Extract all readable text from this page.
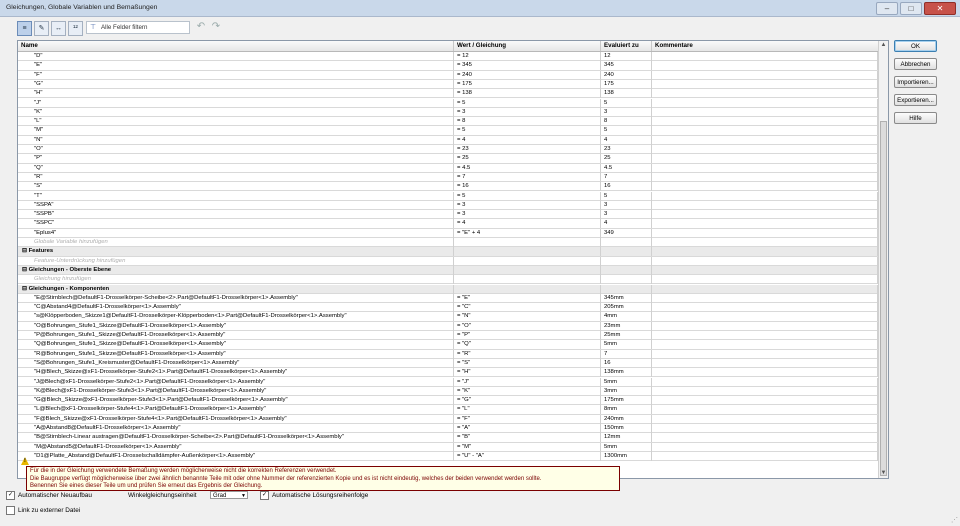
Gleichungen, Globale Variablen und Bemaßungen	–	□	✕
≡	✎	↔	¹²	⊤ Alle Felder filtern	↶ ↷
Name	Wert / Gleichung	Evaluiert zu	Kommentare
"D"	= 12	12
"E"	= 345	345
"F"	= 240	240
"G"	= 175	175
"H"	= 138	138
"J"	= 5	5
"K"	= 3	3
"L"	= 8	8
"M"	= 5	5
"N"	= 4	4
"O"	= 23	23
"P"	= 25	25
"Q"	= 4.5	4.5
"R"	= 7	7
"S"	= 16	16
"T"	= 5	5
"SSPA"	= 3	3
"SSPB"	= 3	3
"SSPC"	= 4	4
"Eplus4"	= "E" + 4	349
Globale Variable hinzufügen
⊟ Features
Feature-Unterdrückung hinzufügen
⊟ Gleichungen - Oberste Ebene
Gleichung hinzufügen
⊟ Gleichungen - Komponenten
"E@Stirnblech@DefaultF1-Drosselkörper-Scheibe<2>.Part@DefaultF1-Drosselkörper<1>.Assembly"	= "E"	345mm
"C@Abstand4@DefaultF1-Drosselkörper<1>.Assembly"	= "C"	205mm
"s@Klöpperboden_Skizze1@DefaultF1-Drosselkörper-Klöpperboden<1>.Part@DefaultF1-Drosselkörper<1>.Assembly"	= "N"	4mm
"O@Bohrungen_Stufe1_Skizze@DefaultF1-Drosselkörper<1>.Assembly"	= "O"	23mm
"P@Bohrungen_Stufe1_Skizze@DefaultF1-Drosselkörper<1>.Assembly"	= "P"	25mm
"Q@Bohrungen_Stufe1_Skizze@DefaultF1-Drosselkörper<1>.Assembly"	= "Q"	5mm
"R@Bohrungen_Stufe1_Skizze@DefaultF1-Drosselkörper<1>.Assembly"	= "R"	7
"S@Bohrungen_Stufe1_Kreismuster@DefaultF1-Drosselkörper<1>.Assembly"	= "S"	16
"H@Blech_Skizze@xF1-Drosselkörper-Stufe2<1>.Part@DefaultF1-Drosselkörper<1>.Assembly"	= "H"	138mm
"J@Blech@xF1-Drosselkörper-Stufe2<1>.Part@DefaultF1-Drosselkörper<1>.Assembly"	= "J"	5mm
"K@Blech@xF1-Drosselkörper-Stufe3<1>.Part@DefaultF1-Drosselkörper<1>.Assembly"	= "K"	3mm
"G@Blech_Skizze@xF1-Drosselkörper-Stufe3<1>.Part@DefaultF1-Drosselkörper<1>.Assembly"	= "G"	175mm
"L@Blech@xF1-Drosselkörper-Stufe4<1>.Part@DefaultF1-Drosselkörper<1>.Assembly"	= "L"	8mm
"F@Blech_Skizze@xF1-Drosselkörper-Stufe4<1>.Part@DefaultF1-Drosselkörper<1>.Assembly"	= "F"	240mm
"A@Abstand8@DefaultF1-Drosselkörper<1>.Assembly"	= "A"	150mm
"B@Stirnblech-Linear austragen@DefaultF1-Drosselkörper-Scheibe<2>.Part@DefaultF1-Drosselkörper<1>.Assembly"	= "B"	12mm
"M@Abstand5@DefaultF1-Drosselkörper<1>.Assembly"	= "M"	5mm
"D1@Platte_Abstand@DefaultF1-Drosselschalldämpfer-Außenkörper<1>.Assembly"	= "U" - "A"	1300mm
▲
▼
!
Für die in der Gleichung verwendete Bemaßung werden möglicherweise nicht die korrekten Referenzen verwendet.
Die Baugruppe verfügt möglicherweise über zwei ähnlich benannte Teile mit oder ohne Nummer der referenzierten Kopie und es ist nicht eindeutig, welches der beiden verwendet werden sollte.
Benennen Sie eines dieser Teile um und prüfen Sie erneut das Ergebnis der Gleichung.
OK
Abbrechen
Importieren...
Exportieren...
Hilfe
✓ Automatischer Neuaufbau	Winkelgleichungseinheit	Grad	▼	✓ Automatische Lösungsreihenfolge
Link zu externer Datei
⋰
